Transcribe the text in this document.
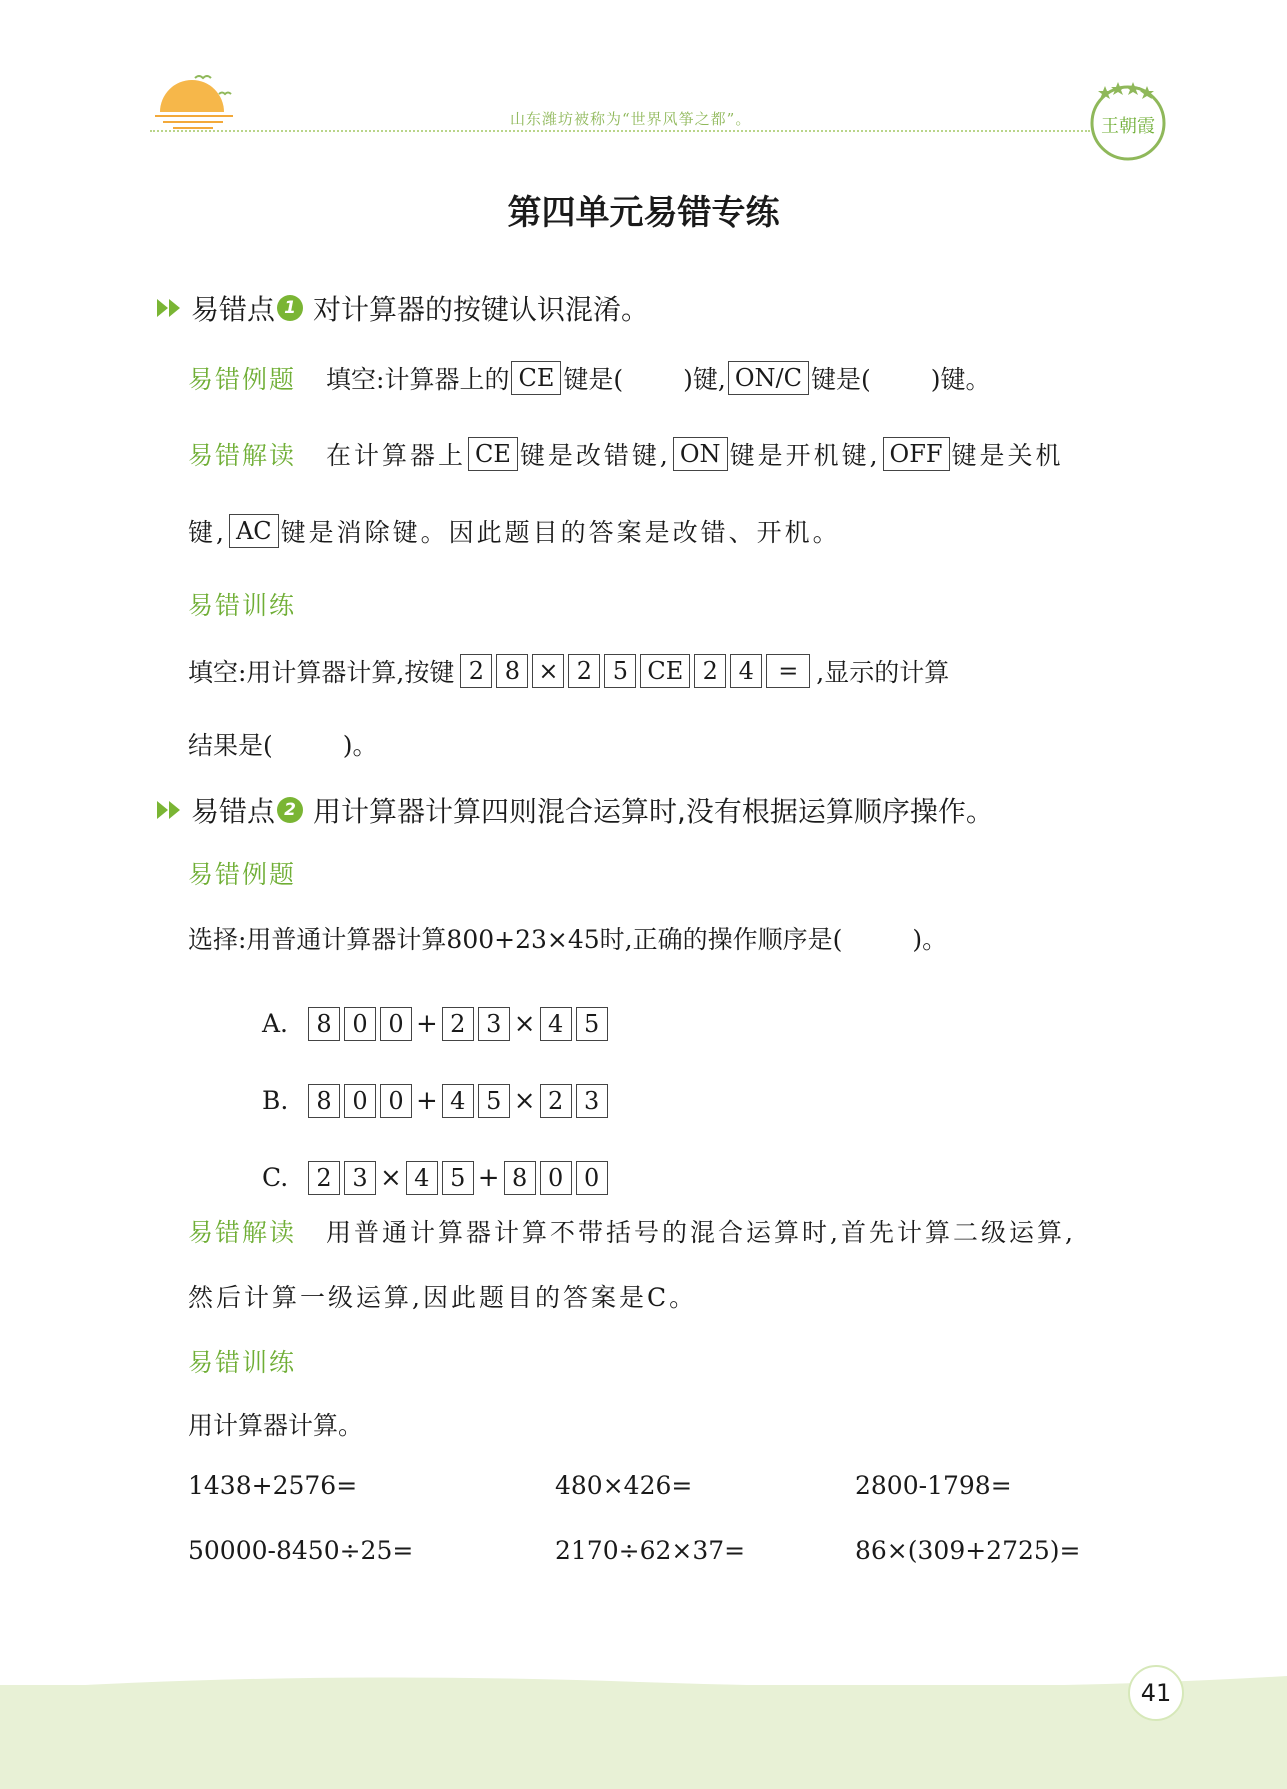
山东潍坊被称为“世界风筝之都”。	王朝霞
第四单元易错专练
易错点 1 对计算器的按键认识混淆。
易错例题 填空:计算器上的 CE 键是( )键, ON/C 键是( )键。
易错解读 在计算器上 CE 键是改错键, ON 键是开机键, OFF 键是关机
键, AC 键是消除键。因此题目的答案是改错、开机。
易错训练
填空:用计算器计算,按键 2 8 × 2 5 CE 2 4	= ,显示的计算
结果是(	)。
易错点 2 用计算器计算四则混合运算时,没有根据运算顺序操作。
易错例题
选择:用普通计算器计算800+23×45时,正确的操作顺序是(	)。
A.	8 0 0 + 2 3 × 4 5
B.	8 0 0 + 4 5 × 2 3
C.	2 3 × 4 5 + 8 0 0
易错解读 用普通计算器计算不带括号的混合运算时,首先计算二级运算,
然后计算一级运算,因此题目的答案是C。
易错训练
用计算器计算。
1438+2576=	480×426=	2800-1798=
50000-8450÷25=	2170÷62×37=	86×(309+2725)=
41
